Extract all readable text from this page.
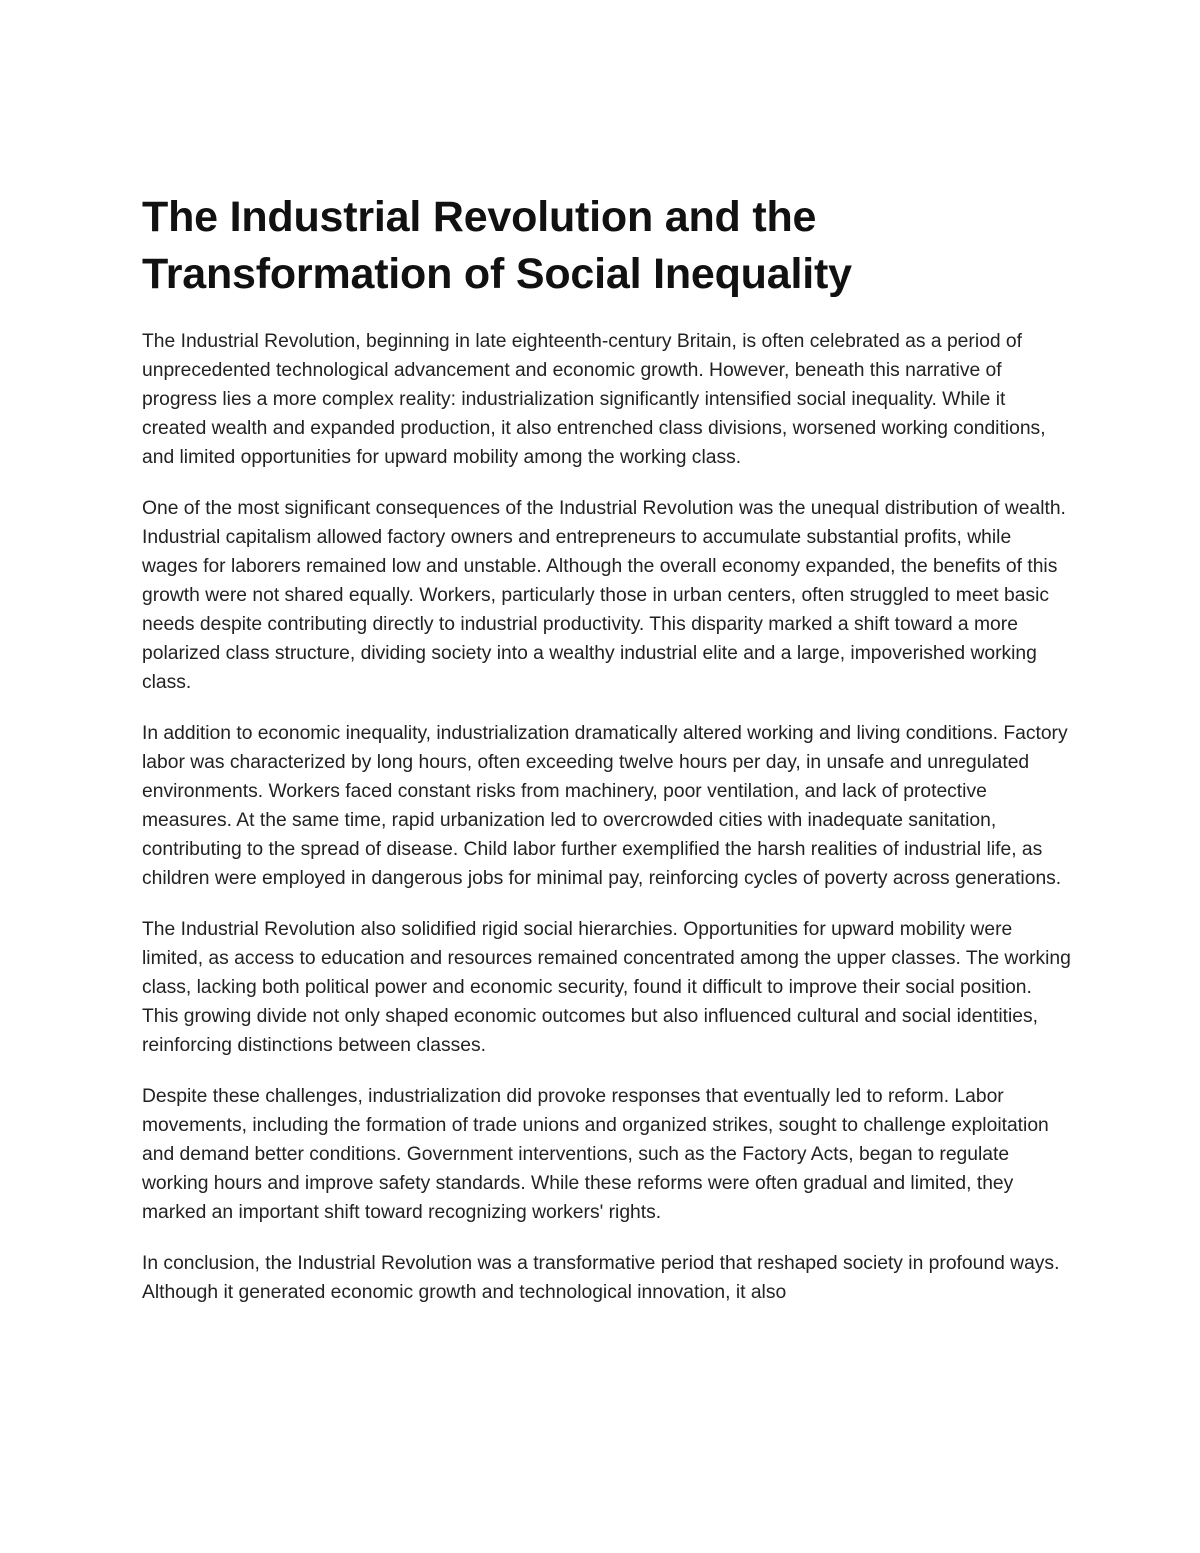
The Industrial Revolution and the Transformation of Social Inequality

The Industrial Revolution, beginning in late eighteenth-century Britain, is often celebrated as a period of unprecedented technological advancement and economic growth. However, beneath this narrative of progress lies a more complex reality: industrialization significantly intensified social inequality. While it created wealth and expanded production, it also entrenched class divisions, worsened working conditions, and limited opportunities for upward mobility among the working class.

One of the most significant consequences of the Industrial Revolution was the unequal distribution of wealth. Industrial capitalism allowed factory owners and entrepreneurs to accumulate substantial profits, while wages for laborers remained low and unstable. Although the overall economy expanded, the benefits of this growth were not shared equally. Workers, particularly those in urban centers, often struggled to meet basic needs despite contributing directly to industrial productivity. This disparity marked a shift toward a more polarized class structure, dividing society into a wealthy industrial elite and a large, impoverished working class.

In addition to economic inequality, industrialization dramatically altered working and living conditions. Factory labor was characterized by long hours, often exceeding twelve hours per day, in unsafe and unregulated environments. Workers faced constant risks from machinery, poor ventilation, and lack of protective measures. At the same time, rapid urbanization led to overcrowded cities with inadequate sanitation, contributing to the spread of disease. Child labor further exemplified the harsh realities of industrial life, as children were employed in dangerous jobs for minimal pay, reinforcing cycles of poverty across generations.

The Industrial Revolution also solidified rigid social hierarchies. Opportunities for upward mobility were limited, as access to education and resources remained concentrated among the upper classes. The working class, lacking both political power and economic security, found it difficult to improve their social position. This growing divide not only shaped economic outcomes but also influenced cultural and social identities, reinforcing distinctions between classes.

Despite these challenges, industrialization did provoke responses that eventually led to reform. Labor movements, including the formation of trade unions and organized strikes, sought to challenge exploitation and demand better conditions. Government interventions, such as the Factory Acts, began to regulate working hours and improve safety standards. While these reforms were often gradual and limited, they marked an important shift toward recognizing workers' rights.

In conclusion, the Industrial Revolution was a transformative period that reshaped society in profound ways. Although it generated economic growth and technological innovation, it also
